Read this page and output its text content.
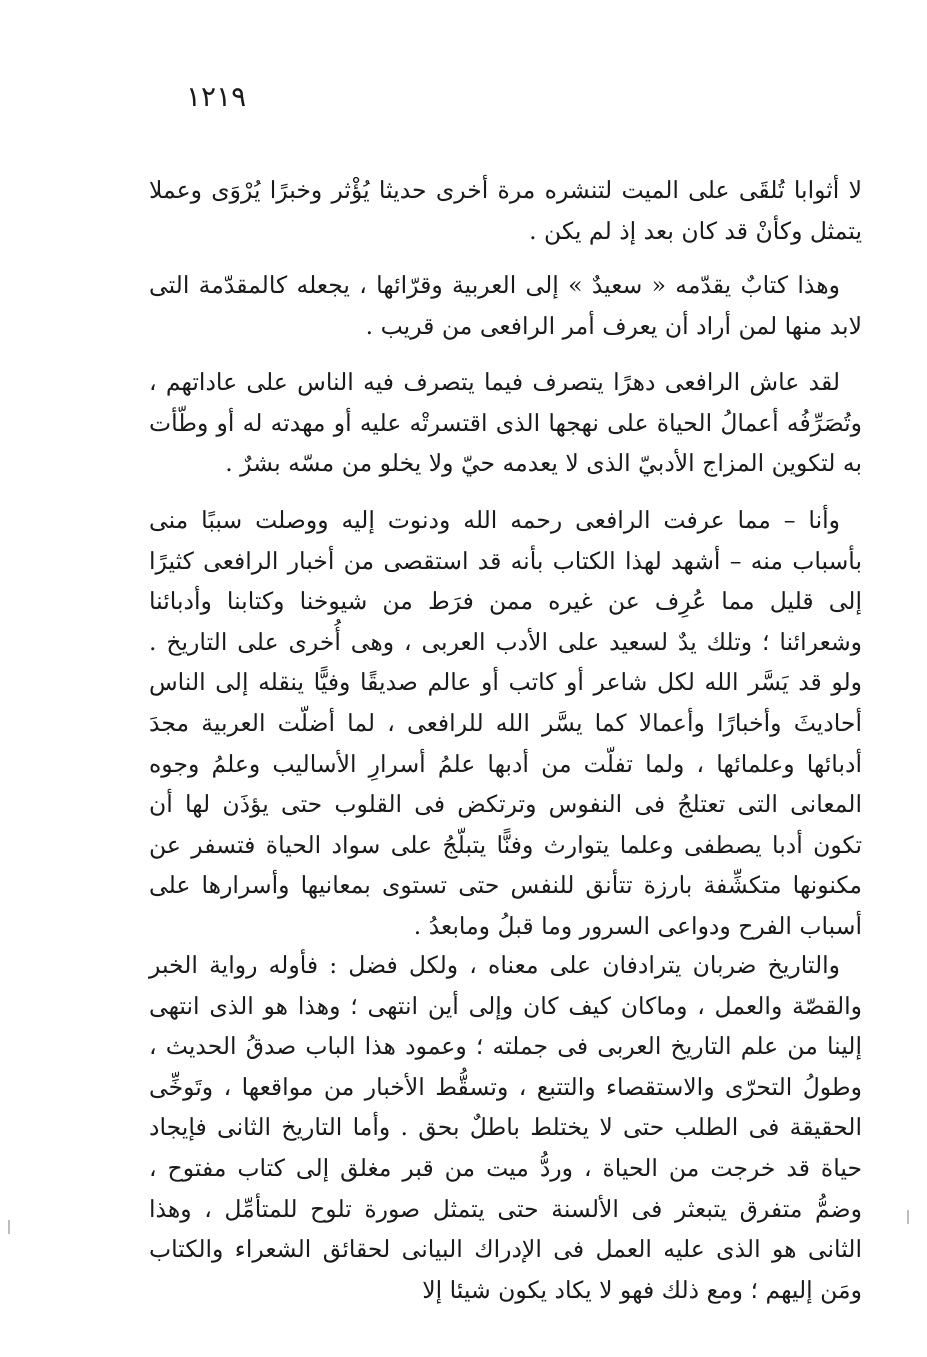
١٢١٩

لا أثوابا تُلقَى على الميت لتنشره مرة أخرى حديثا يُؤْثر وخبرًا يُرْوَى وعملا يتمثل وكأنْ قد كان بعد إذ لم يكن .

وهذا كتابٌ يقدّمه « سعيدٌ » إلى العربية وقرّائها ، يجعله كالمقدّمة التى لابد منها لمن أراد أن يعرف أمر الرافعى من قريب .

لقد عاش الرافعى دهرًا يتصرف فيما يتصرف فيه الناس على عاداتهم ، وتُصَرِّفُه أعمالُ الحياة على نهجها الذى اقتسرتْه عليه أو مهدته له أو وطّأت به لتكوين المزاج الأدبيّ الذى لا يعدمه حيّ ولا يخلو من مسّه بشرٌ .

وأنا – مما عرفت الرافعى رحمه الله ودنوت إليه ووصلت سببًا منى بأسباب منه – أشهد لهذا الكتاب بأنه قد استقصى من أخبار الرافعى كثيرًا إلى قليل مما عُرِف عن غيره ممن فرَط من شيوخنا وكتابنا وأدبائنا وشعرائنا ؛ وتلك يدٌ لسعيد على الأدب العربى ، وهى أُخرى على التاريخ . ولو قد يَسَّر الله لكل شاعر أو كاتب أو عالم صديقًا وفيًّا ينقله إلى الناس أحاديثَ وأخبارًا وأعمالا كما يسَّر الله للرافعى ، لما أضلّت العربية مجدَ أدبائها وعلمائها ، ولما تفلّت من أدبها علمُ أسرارِ الأساليب وعلمُ وجوه المعانى التى تعتلجُ فى النفوس وترتكض فى القلوب حتى يؤذَن لها أن تكون أدبا يصطفى وعلما يتوارث وفنًّا يتبلّجُ على سواد الحياة فتسفر عن مكنونها متكشِّفة بارزة تتأنق للنفس حتى تستوى بمعانيها وأسرارها على أسباب الفرح ودواعى السرور وما قبلُ ومابعدُ .

والتاريخ ضربان يترادفان على معناه ، ولكل فضل : فأوله رواية الخبر والقصّة والعمل ، وماكان كيف كان وإلى أين انتهى ؛ وهذا هو الذى انتهى إلينا من علم التاريخ العربى فى جملته ؛ وعمود هذا الباب صدقُ الحديث ، وطولُ التحرّى والاستقصاء والتتبع ، وتسقُّط الأخبار من مواقعها ، وتَوخِّى الحقيقة فى الطلب حتى لا يختلط باطلٌ بحق . وأما التاريخ الثانى فإيجاد حياة قد خرجت من الحياة ، وردُّ ميت من قبر مغلق إلى كتاب مفتوح ، وضمُّ متفرق يتبعثر فى الألسنة حتى يتمثل صورة تلوح للمتأمِّل ، وهذا الثانى هو الذى عليه العمل فى الإدراك البيانى لحقائق الشعراء والكتاب ومَن إليهم ؛ ومع ذلك فهو لا يكاد يكون شيئا إلا
